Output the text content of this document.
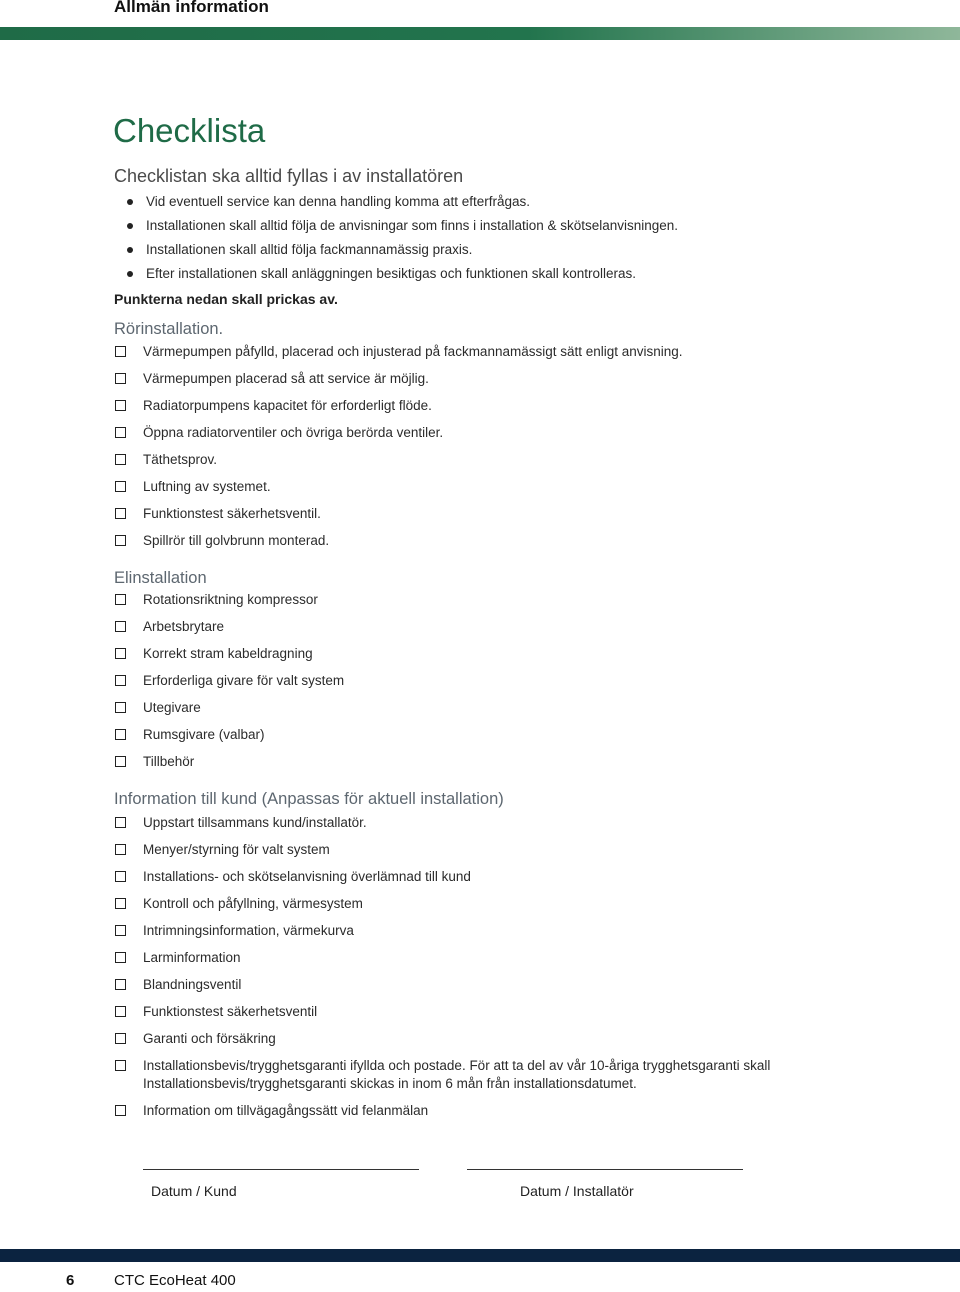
Allmän information
Checklista
Checklistan ska alltid fyllas i av installatören
Vid eventuell service kan denna handling komma att efterfrågas.
Installationen skall alltid följa de anvisningar som finns i installation & skötselanvisningen.
Installationen skall alltid följa fackmannamässig praxis.
Efter installationen skall anläggningen besiktigas och funktionen skall kontrolleras.
Punkterna nedan skall prickas av.
Rörinstallation.
Värmepumpen påfylld, placerad och injusterad på fackmannamässigt sätt enligt anvisning.
Värmepumpen placerad så att service är möjlig.
Radiatorpumpens kapacitet för erforderligt flöde.
Öppna radiatorventiler och övriga berörda ventiler.
Täthetsprov.
Luftning av systemet.
Funktionstest säkerhetsventil.
Spillrör till golvbrunn monterad.
Elinstallation
Rotationsriktning kompressor
Arbetsbrytare
Korrekt stram kabeldragning
Erforderliga givare för valt system
Utegivare
Rumsgivare (valbar)
Tillbehör
Information till kund (Anpassas för aktuell installation)
Uppstart tillsammans kund/installatör.
Menyer/styrning för valt system
Installations- och skötselanvisning överlämnad till kund
Kontroll och påfyllning, värmesystem
Intrimningsinformation, värmekurva
Larminformation
Blandningsventil
Funktionstest säkerhetsventil
Garanti och försäkring
Installationsbevis/trygghetsgaranti ifyllda och postade. För att ta del av vår 10-åriga trygghetsgaranti skall Installationsbevis/trygghetsgaranti skickas in inom 6 mån från installationsdatumet.
Information om tillvägagångssätt vid felanmälan
Datum / Kund	Datum / Installatör
6	CTC EcoHeat 400
